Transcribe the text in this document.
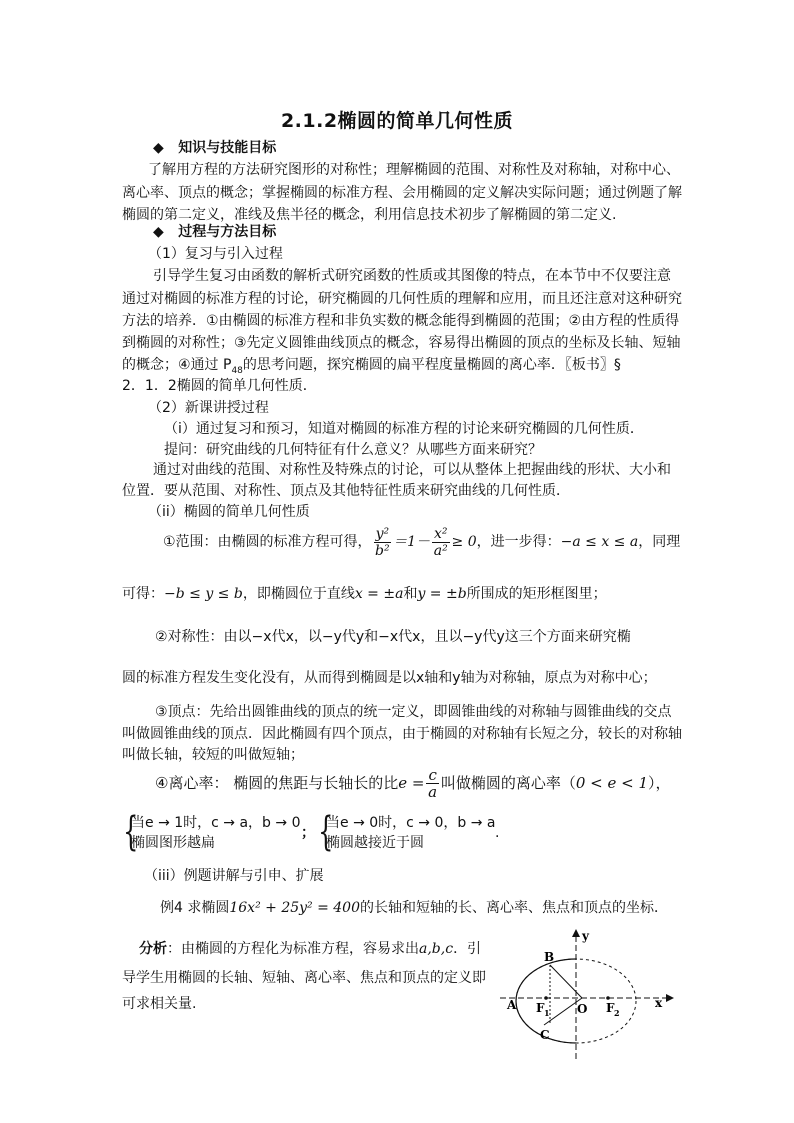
2.1.2椭圆的简单几何性质
◆ 知识与技能目标
了解用方程的方法研究图形的对称性；理解椭圆的范围、对称性及对称轴，对称中心、
离心率、顶点的概念；掌握椭圆的标准方程、会用椭圆的定义解决实际问题；通过例题了解
椭圆的第二定义，准线及焦半径的概念，利用信息技术初步了解椭圆的第二定义.
◆ 过程与方法目标
（1）复习与引入过程
引导学生复习由函数的解析式研究函数的性质或其图像的特点，在本节中不仅要注意
通过对椭圆的标准方程的讨论，研究椭圆的几何性质的理解和应用，而且还注意对这种研究
方法的培养．①由椭圆的标准方程和非负实数的概念能得到椭圆的范围；②由方程的性质得
到椭圆的对称性；③先定义圆锥曲线顶点的概念，容易得出椭圆的顶点的坐标及长轴、短轴
的概念；④通过 $P_{48}$的思考问题，探究椭圆的扁平程度量椭圆的离心率．〖板书〗§
2．1．2椭圆的简单几何性质．
（2）新课讲授过程
（i）通过复习和预习，知道对椭圆的标准方程的讨论来研究椭圆的几何性质．
提问：研究曲线的几何特征有什么意义？从哪些方面来研究？
通过对曲线的范围、对称性及特殊点的讨论，可以从整体上把握曲线的形状、大小和
位置．要从范围、对称性、顶点及其他特征性质来研究曲线的几何性质．
（ii）椭圆的简单几何性质
①范围：由椭圆的标准方程可得， $\frac{\text{y²}}{\text{b²}} =1- \frac{\text{x²}}{\text{a²}} \ge 0$，进一步得：−a ≤ x ≤ a，同理
可得：−b ≤ y ≤ b，即椭圆位于直线x = ±a和y = ±b所围成的矩形框图里；
②对称性：由以−x代x，以−y代y和−x代x，且以−y代y这三个方面来研究椭
圆的标准方程发生变化没有，从而得到椭圆是以x轴和y轴为对称轴，原点为对称中心；
③顶点：先给出圆锥曲线的顶点的统一定义，即圆锥曲线的对称轴与圆锥曲线的交点
叫做圆锥曲线的顶点．因此椭圆有四个顶点，由于椭圆的对称轴有长短之分，较长的对称轴
叫做长轴，较短的叫做短轴；
④离心率： 椭圆的焦距与长轴长的比$e = \frac{c}{a}$ 叫做椭圆的离心率（0 < e < 1），
{
当e → 1时，c → a，b → 0
椭圆图形越扁
； {
当e → 0时，c → 0，b → a
椭圆越接近于圆
.
（iii）例题讲解与引申、扩展
例4 求椭圆16x² + 25y² = 400的长轴和短轴的长、离心率、焦点和顶点的坐标．
分析：由椭圆的方程化为标准方程，容易求出a,b,c．引
导学生用椭圆的长轴、短轴、离心率、焦点和顶点的定义即
可求相关量.
y
x
B
A F 1 O F 2
C
